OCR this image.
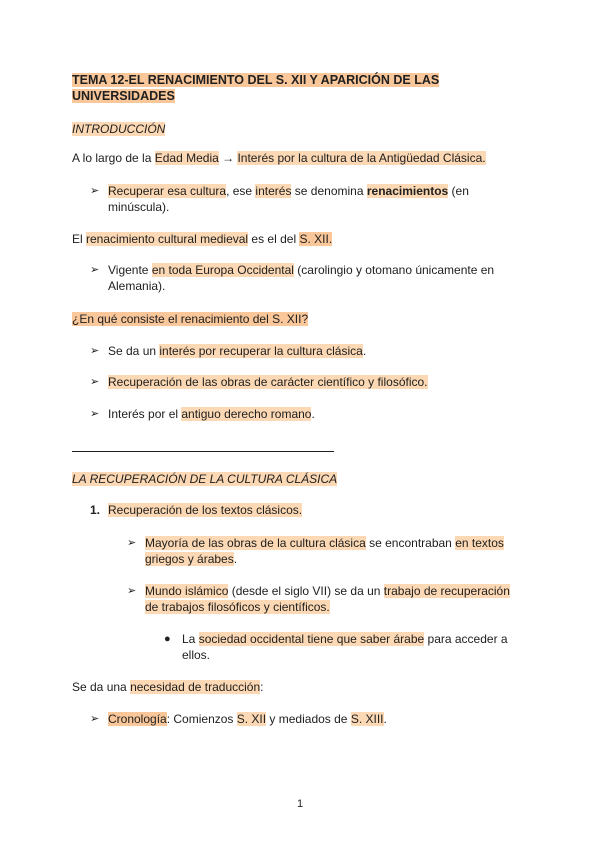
TEMA 12-EL RENACIMIENTO DEL S. XII Y APARICIÓN DE LAS
UNIVERSIDADES
INTRODUCCIÓN
A lo largo de la Edad Media → Interés por la cultura de la Antigüedad Clásica.
➢ Recuperar esa cultura, ese interés se denomina renacimientos (en
minúscula).
El renacimiento cultural medieval es el del S. XII.
➢ Vigente en toda Europa Occidental (carolingio y otomano únicamente en
Alemania).
¿En qué consiste el renacimiento del S. XII?
➢ Se da un interés por recuperar la cultura clásica.
➢ Recuperación de las obras de carácter científico y filosófico.
➢ Interés por el antiguo derecho romano.
LA RECUPERACIÓN DE LA CULTURA CLÁSICA
1. Recuperación de los textos clásicos.
➢ Mayoría de las obras de la cultura clásica se encontraban en textos
griegos y árabes.
➢ Mundo islámico (desde el siglo VII) se da un trabajo de recuperación
de trabajos filosóficos y científicos.
● La sociedad occidental tiene que saber árabe para acceder a
ellos.
Se da una necesidad de traducción:
➢ Cronología: Comienzos S. XII y mediados de S. XIII.
1
